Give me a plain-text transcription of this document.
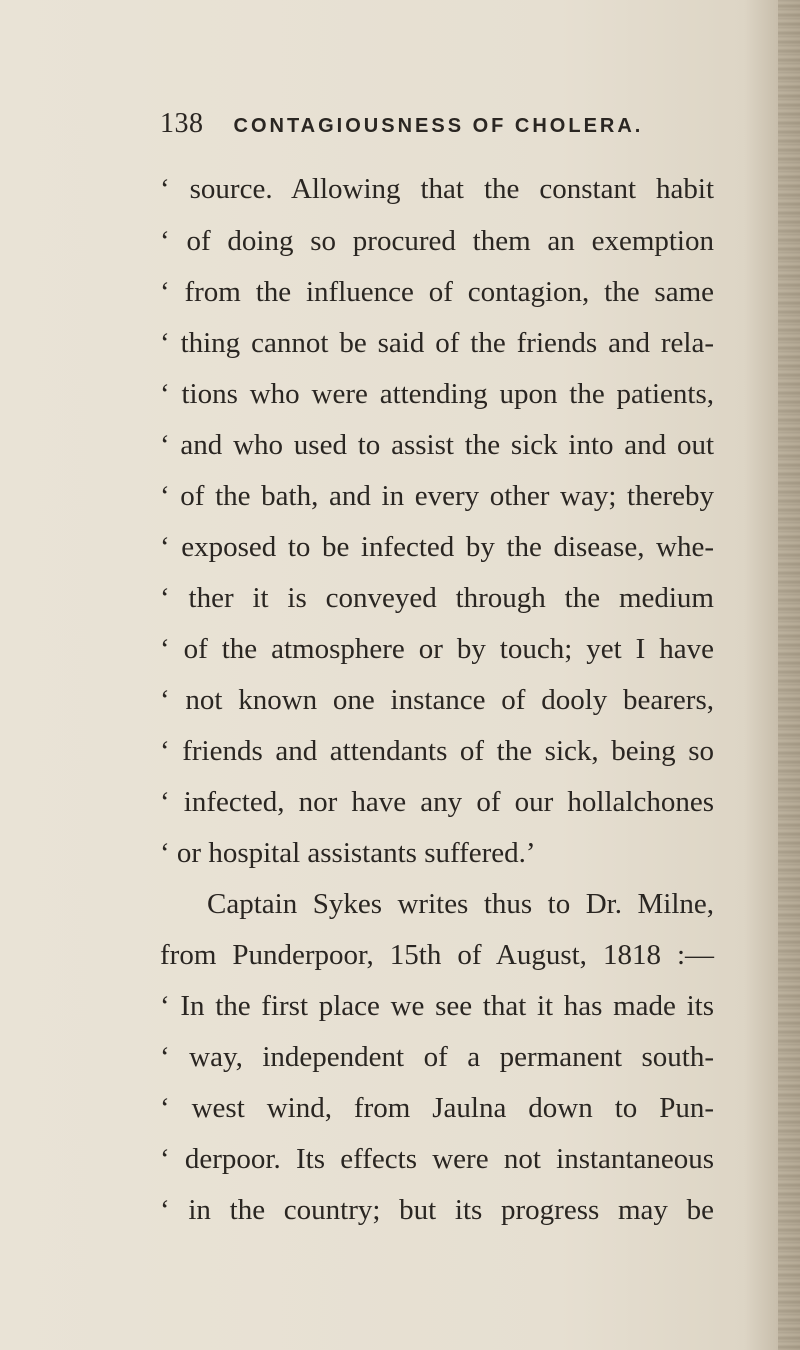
138 CONTAGIOUSNESS OF CHOLERA.
‘ source. Allowing that the constant habit
‘ of doing so procured them an exemption
‘ from the influence of contagion, the same
‘ thing cannot be said of the friends and rela-
‘ tions who were attending upon the patients,
‘ and who used to assist the sick into and out
‘ of the bath, and in every other way; thereby
‘ exposed to be infected by the disease, whe-
‘ ther it is conveyed through the medium
‘ of the atmosphere or by touch; yet I have
‘ not known one instance of dooly bearers,
‘ friends and attendants of the sick, being so
‘ infected, nor have any of our hollalchones
‘ or hospital assistants suffered.’
Captain Sykes writes thus to Dr. Milne,
from Punderpoor, 15th of August, 1818 :—
‘ In the first place we see that it has made its
‘ way, independent of a permanent south-
‘ west wind, from Jaulna down to Pun-
‘ derpoor. Its effects were not instantaneous
‘ in the country; but its progress may be
